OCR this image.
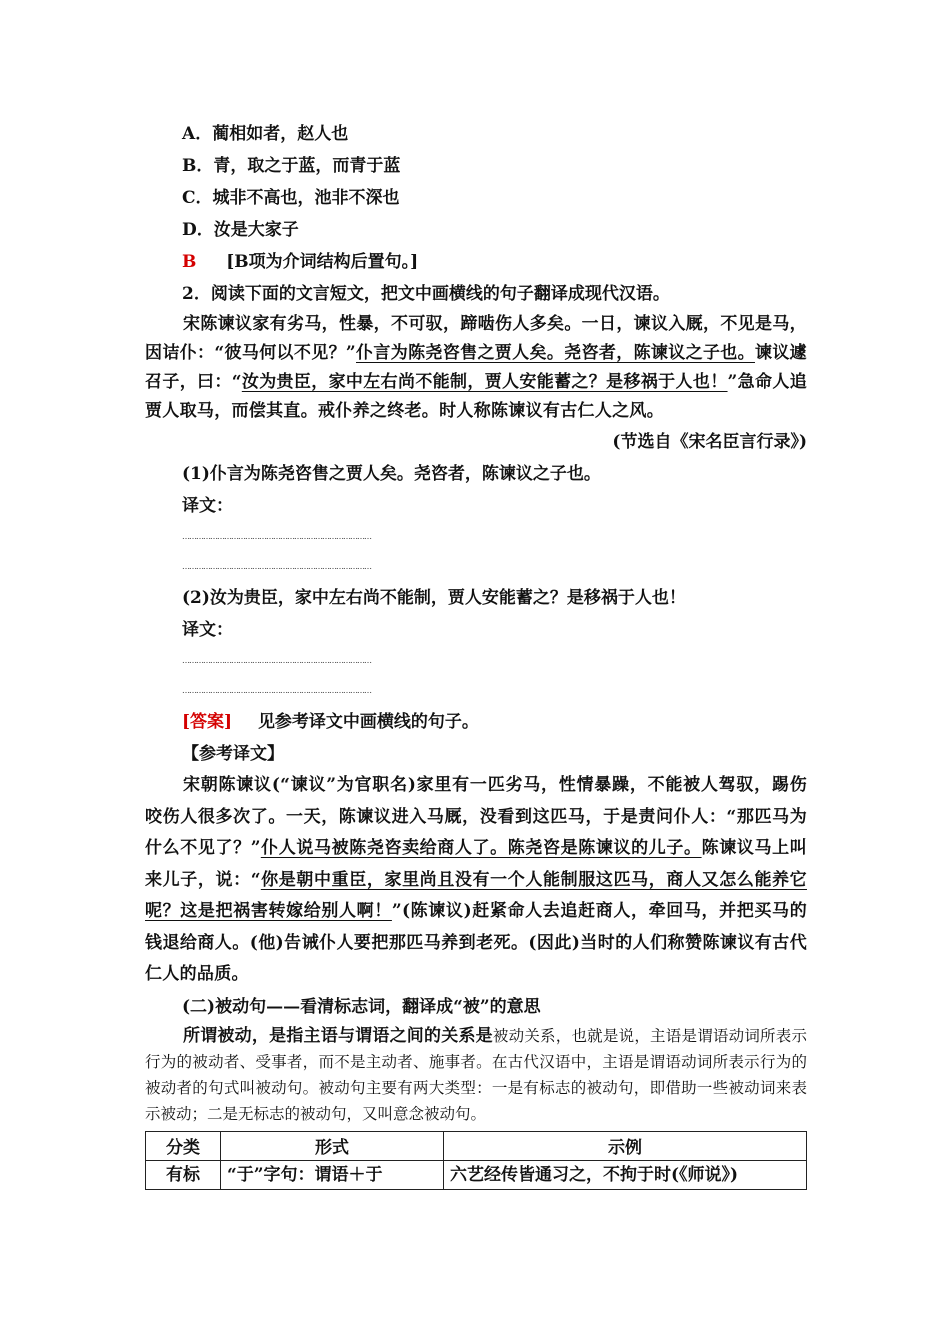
A．蔺相如者，赵人也
B．青，取之于蓝，而青于蓝
C．城非不高也，池非不深也
D．汝是大家子
B [B项为介词结构后置句。]
2．阅读下面的文言短文，把文中画横线的句子翻译成现代汉语。
宋陈谏议家有劣马，性暴，不可驭，蹄啮伤人多矣。一日，谏议入厩，不见是马，因诘仆：“彼马何以不见？”仆言为陈尧咨售之贾人矣。尧咨者，陈谏议之子也。谏议遽召子，曰：“汝为贵臣，家中左右尚不能制，贾人安能蓄之？是移祸于人也！”急命人追贾人取马，而偿其直。戒仆养之终老。时人称陈谏议有古仁人之风。
(节选自《宋名臣言行录》)
(1)仆言为陈尧咨售之贾人矣。尧咨者，陈谏议之子也。
译文：
………………………………………………………………………
………………………………………………………………………
(2)汝为贵臣，家中左右尚不能制，贾人安能蓄之？是移祸于人也！
译文：
………………………………………………………………………
………………………………………………………………………
[答案] 见参考译文中画横线的句子。
【参考译文】
宋朝陈谏议(“谏议”为官职名)家里有一匹劣马，性情暴躁，不能被人驾驭，踢伤咬伤人很多次了。一天，陈谏议进入马厩，没看到这匹马，于是责问仆人：“那匹马为什么不见了？”仆人说马被陈尧咨卖给商人了。陈尧咨是陈谏议的儿子。陈谏议马上叫来儿子，说：“你是朝中重臣，家里尚且没有一个人能制服这匹马，商人又怎么能养它呢？这是把祸害转嫁给别人啊！”(陈谏议)赶紧命人去追赶商人，牵回马，并把买马的钱退给商人。(他)告诫仆人要把那匹马养到老死。(因此)当时的人们称赞陈谏议有古代仁人的品质。
(二)被动句——看清标志词，翻译成“被”的意思
所谓被动，是指主语与谓语之间的关系是被动关系，也就是说，主语是谓语动词所表示行为的被动者、受事者，而不是主动者、施事者。在古代汉语中，主语是谓语动词所表示行为的被动者的句式叫被动句。被动句主要有两大类型：一是有标志的被动句，即借助一些被动词来表示被动；二是无标志的被动句，又叫意念被动句。
分类	形式	示例
有标	“于”字句：谓语＋于	六艺经传皆通习之，不拘于时(《师说》)
